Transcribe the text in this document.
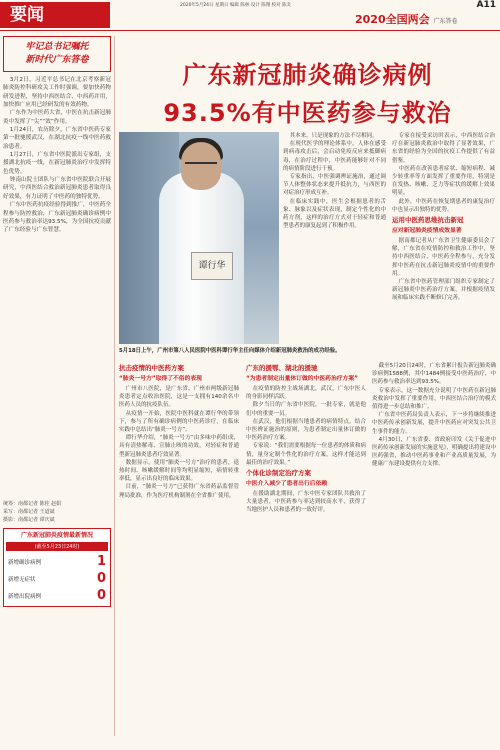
要闻	2020年5月24日 星期日 编辑 陈林 设计 陈翔 校对 陈炎	A11
2020全国两会 广东答卷
牢记总书记嘱托
新时代广东答卷

3月2日，习近平总书记在北京考察新冠肺炎防控科研攻关工作时强调，要加快药物研发进程，坚持中西医结合、中西药并用，加快推广应用已经研发的有效药物。

广东作为中医药大省，中医在抗击新冠肺炎中发挥了“尖”“效”作用。

1月24日，农历除夕，广东省中医药专家第一批驰援武汉，在湖北抗疫一线中医药救治患者。

1月27日，广东省中医院派出专家组，支援湖北抗疫一线，在新冠肺炎治疗中发挥特色优势。

钟南山院士团队与广东省中医院联合开展研究，中西医结合救治新冠肺炎患者取得良好效果，有力证明了中医药的独特优势。

广东中医药抗疫经验得到推广，中医药全程参与防控救治，广东新冠肺炎确诊病例中医药参与救治率达93.5%，为全国抗疫贡献了广东经验与广东智慧。

统筹：南都记者 陈桂 赵娟
采写：南都记者 王道斌
摄影：南都记者 谭庆斌
广东新冠肺炎疫情最新情况
(截至5月23日24时)
新增确诊病例	1
新增无症状	0
新增出院病例	0
广东新冠肺炎确诊病例
93.5%有中医药参与救治
谭行华
5月18日上午，广州市第八人民医院中医科谭行华主任向媒体介绍新冠肺炎救治的成功经验。

其本来，只是现象的方法不尽相同。

在现代医学的理论体系中，人体在感受到病毒攻击后，会启动免疫反应来抵御病毒，在治疗过程中，中医药能够针对不同的病情阶段进行干预。

专家指出，中医强调辨证施治，通过调节人体整体状态来提升抵抗力，与西医的对症治疗形成互补。

在临床实践中，医生会根据患者的舌象、脉象以及症状表现，制定个性化的中药方剂，这样的治疗方式对于轻症和普通型患者的康复起到了积极作用。

专家在接受采访时表示，中西医结合治疗在新冠肺炎救治中取得了显著效果，广东省的经验为全国的抗疫工作提供了有益借鉴。

中医药在改善患者症状、缩短病程、减少转重率等方面发挥了重要作用，特别是在发热、咳嗽、乏力等症状的缓解上效果明显。

此外，中医药在恢复期患者的康复治疗中也显示出独特的优势。

运用中医药思维抗击新冠
应对新冠肺炎疫情成效显著

据南都记者从广东省卫生健康委员会了解，广东省在疫情防控和救治工作中，坚持中西医结合，中医药全程参与，充分发挥中医药在抗击新冠肺炎疫情中的重要作用。

广东省中医药管理部门组织专家制定了新冠肺炎中医药治疗方案，并根据疫情发展和临床实践不断修订完善。

抗击疫情的中医药方案
“肺炎一号方”取得了不俗的表现

广州市八医院，是广东省、广州市两级新冠肺炎患者定点收治医院，这是一支拥有140余名中医药人员的抗疫队伍。

从疫情一开始，医院中医科就在谭行华的带领下，参与了所有确诊病例的中医药诊疗，在临床实践中总结出“肺炎一号方”。

谭行华介绍，“肺炎一号方”由多味中药组成，具有清热解毒、宣肺止咳的功效，对轻症和普通型新冠肺炎患者疗效显著。

数据显示，使用“肺炎一号方”治疗的患者，退热时间、咳嗽缓解时间等均明显缩短，病情转重率低，显示出良好的临床效果。

目前，“肺炎一号方”已获得广东省药品监督管理局批准，作为医疗机构制剂在全省推广使用。

广东的援鄂、湖北的援驰
“为患者制定出量体订做的中医药治疗方案”

在疫情的防控主战场湖北，武汉，广东中医人的身影同样活跃。

除夕当日的广东省中医院，一批专家，就是他们中的重要一员。

在武汉，他们根据当地患者的病情特点，结合中医辨证施治的原则，为患者制定出量体订做的中医药治疗方案。

专家说：“我们需要根据每一位患者的体质和病情，量身定制个性化的治疗方案，这样才能达到最佳的治疗效果。”

个体化诊制定治疗方案
中医介入减少了患者出行后依赖

在援助湖北期间，广东中医专家团队共救治了大量患者，中医药参与率达到较高水平，获得了当地医护人员和患者的一致好评。

截至5月20日24时，广东省累计报告新冠肺炎确诊病例1588例，其中1484例接受中医药治疗，中医药参与救治率达到93.5%。

专家表示，这一数据充分说明了中医药在新冠肺炎救治中发挥了重要作用，中西医结合治疗的模式值得进一步总结和推广。

广东省中医药局负责人表示，下一步将继续推进中医药传承创新发展，提升中医药应对突发公共卫生事件的能力。

4月30日，广东省委、省政府印发《关于促进中医药传承创新发展的实施意见》，明确提出将建设中医药强省，推动中医药事业和产业高质量发展，为健康广东建设提供有力支撑。
